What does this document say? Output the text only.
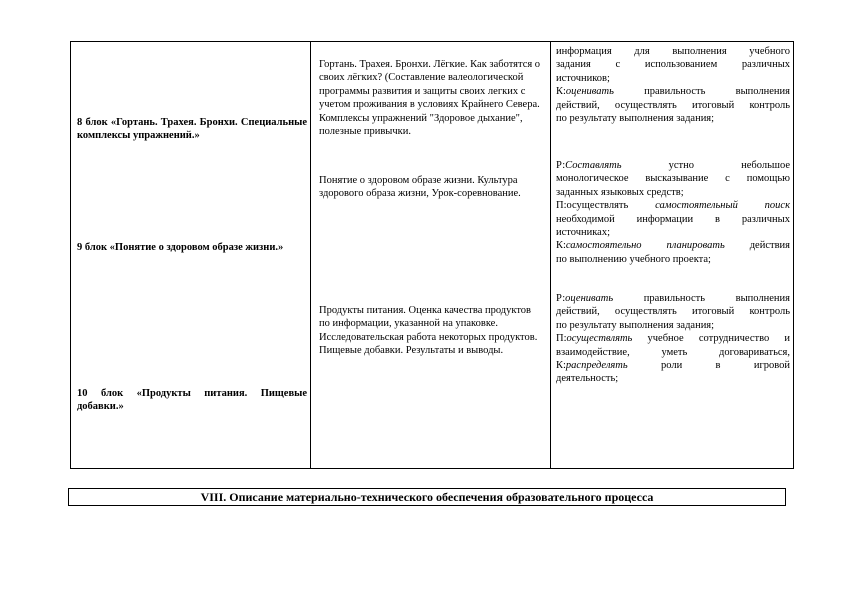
8 блок «Гортань. Трахея. Бронхи. Специальные комплексы упражнений.»
9 блок «Понятие о здоровом образе жизни.»
10 блок «Продукты питания. Пищевые добавки.»
Гортань. Трахея. Бронхи. Лёгкие. Как заботятся о своих лёгких? (Составление валеологической программы развития и защиты своих легких с учетом проживания в условиях Крайнего Севера. Комплексы упражнений "Здоровое дыхание", полезные привычки.
Понятие о здоровом образе жизни. Культура здорового образа жизни, Урок-соревнование.
Продукты питания. Оценка качества продуктов по информации, указанной на упаковке. Исследовательская работа некоторых продуктов. Пищевые добавки. Результаты и выводы.
информация для выполнения учебного
задания с использованием различных
источников;
К:оценивать правильность выполнения
действий, осуществлять итоговый контроль
по результату выполнения задания;
Р:Составлять устно небольшое
монологическое высказывание с помощью
заданных языковых средств;
П:осуществлять самостоятельный поиск
необходимой информации в различных
источниках;
К:самостоятельно планировать действия
по выполнению учебного проекта;
Р:оценивать правильность выполнения
действий, осуществлять итоговый контроль
по результату выполнения задания;
П:осуществлять учебное сотрудничество и
взаимодействие, уметь договариваться,
К:распределять роли в игровой
деятельность;
VIII. Описание материально-технического обеспечения образовательного процесса
